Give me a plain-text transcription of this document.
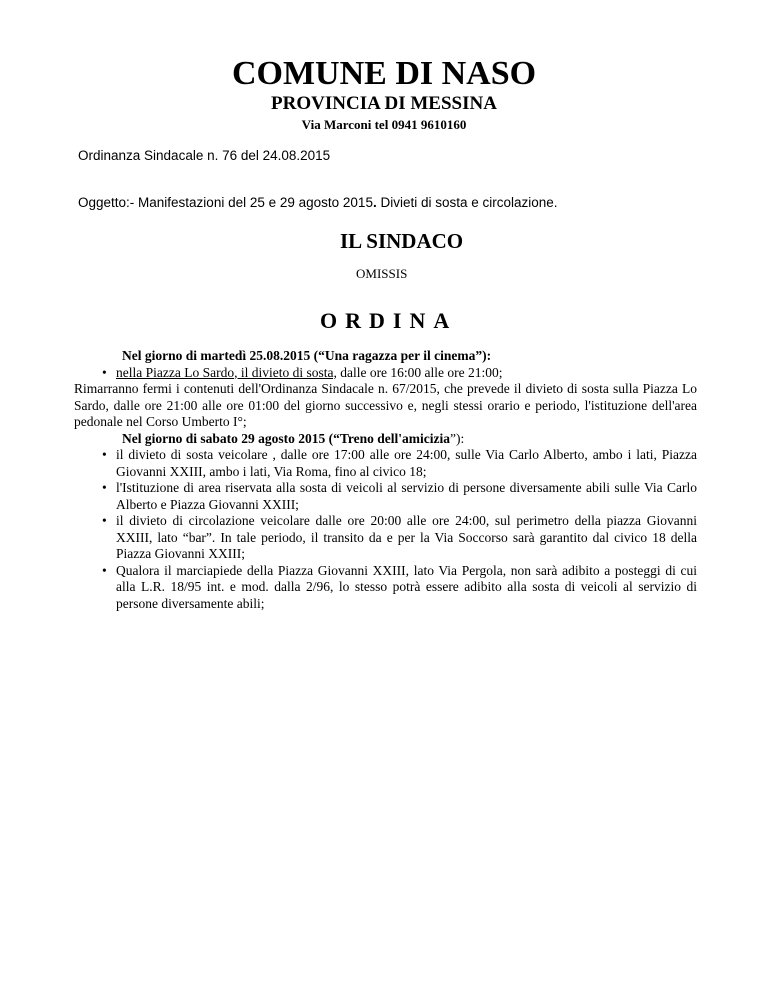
COMUNE DI NASO
PROVINCIA DI MESSINA
Via Marconi tel 0941 9610160
Ordinanza Sindacale n. 76 del 24.08.2015
Oggetto:- Manifestazioni del 25 e 29 agosto 2015. Divieti di sosta e circolazione.
IL SINDACO
OMISSIS
ORDINA
Nel giorno di martedì 25.08.2015 (“Una ragazza per il cinema”):
• nella Piazza Lo Sardo, il divieto di sosta, dalle ore 16:00 alle ore 21:00;
Rimarranno fermi i contenuti dell'Ordinanza Sindacale n. 67/2015, che prevede il divieto di sosta sulla Piazza Lo Sardo, dalle ore 21:00 alle ore 01:00 del giorno successivo e, negli stessi orario e periodo, l'istituzione dell'area pedonale nel Corso Umberto I°;
Nel giorno di sabato 29 agosto 2015 (“Treno dell'amicizia”):
• il divieto di sosta veicolare , dalle ore 17:00 alle ore 24:00, sulle Via Carlo Alberto, ambo i lati, Piazza Giovanni XXIII, ambo i lati, Via Roma, fino al civico 18;
• l'Istituzione di area riservata alla sosta di veicoli al servizio di persone diversamente abili sulle Via Carlo Alberto e Piazza Giovanni XXIII;
• il divieto di circolazione veicolare dalle ore 20:00 alle ore 24:00, sul perimetro della piazza Giovanni XXIII, lato “bar”. In tale periodo, il transito da e per la Via Soccorso sarà garantito dal civico 18 della Piazza Giovanni XXIII;
• Qualora il marciapiede della Piazza Giovanni XXIII, lato Via Pergola, non sarà adibito a posteggi di cui alla L.R. 18/95 int. e mod. dalla 2/96, lo stesso potrà essere adibito alla sosta di veicoli al servizio di persone diversamente abili;
